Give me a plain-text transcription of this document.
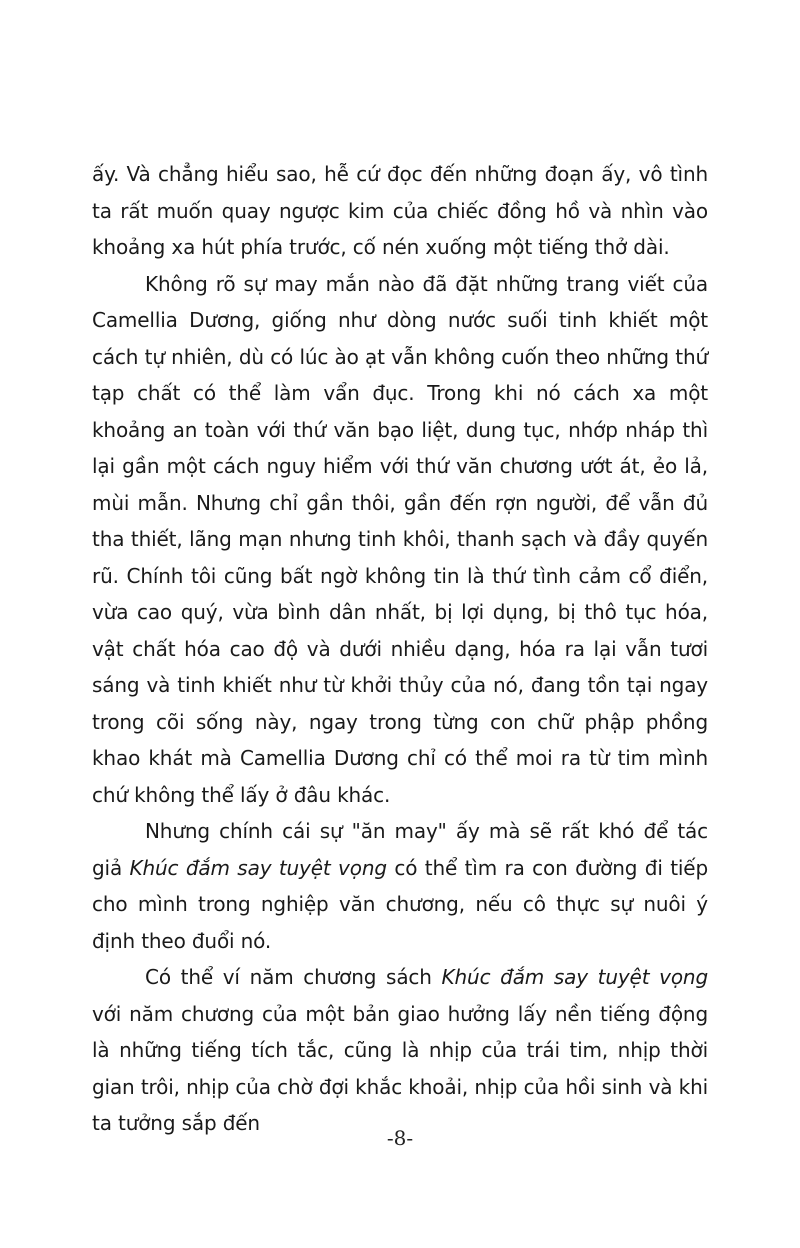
ấy. Và chẳng hiểu sao, hễ cứ đọc đến những đoạn ấy, vô tình ta rất muốn quay ngược kim của chiếc đồng hồ và nhìn vào khoảng xa hút phía trước, cố nén xuống một tiếng thở dài.

Không rõ sự may mắn nào đã đặt những trang viết của Camellia Dương, giống như dòng nước suối tinh khiết một cách tự nhiên, dù có lúc ào ạt vẫn không cuốn theo những thứ tạp chất có thể làm vẩn đục. Trong khi nó cách xa một khoảng an toàn với thứ văn bạo liệt, dung tục, nhớp nháp thì lại gần một cách nguy hiểm với thứ văn chương ướt át, ẻo lả, mùi mẫn. Nhưng chỉ gần thôi, gần đến rợn người, để vẫn đủ tha thiết, lãng mạn nhưng tinh khôi, thanh sạch và đầy quyến rũ. Chính tôi cũng bất ngờ không tin là thứ tình cảm cổ điển, vừa cao quý, vừa bình dân nhất, bị lợi dụng, bị thô tục hóa, vật chất hóa cao độ và dưới nhiều dạng, hóa ra lại vẫn tươi sáng và tinh khiết như từ khởi thủy của nó, đang tồn tại ngay trong cõi sống này, ngay trong từng con chữ phập phồng khao khát mà Camellia Dương chỉ có thể moi ra từ tim mình chứ không thể lấy ở đâu khác.

Nhưng chính cái sự "ăn may" ấy mà sẽ rất khó để tác giả Khúc đắm say tuyệt vọng có thể tìm ra con đường đi tiếp cho mình trong nghiệp văn chương, nếu cô thực sự nuôi ý định theo đuổi nó.

Có thể ví năm chương sách Khúc đắm say tuyệt vọng với năm chương của một bản giao hưởng lấy nền tiếng động là những tiếng tích tắc, cũng là nhịp của trái tim, nhịp thời gian trôi, nhịp của chờ đợi khắc khoải, nhịp của hồi sinh và khi ta tưởng sắp đến

-8-
